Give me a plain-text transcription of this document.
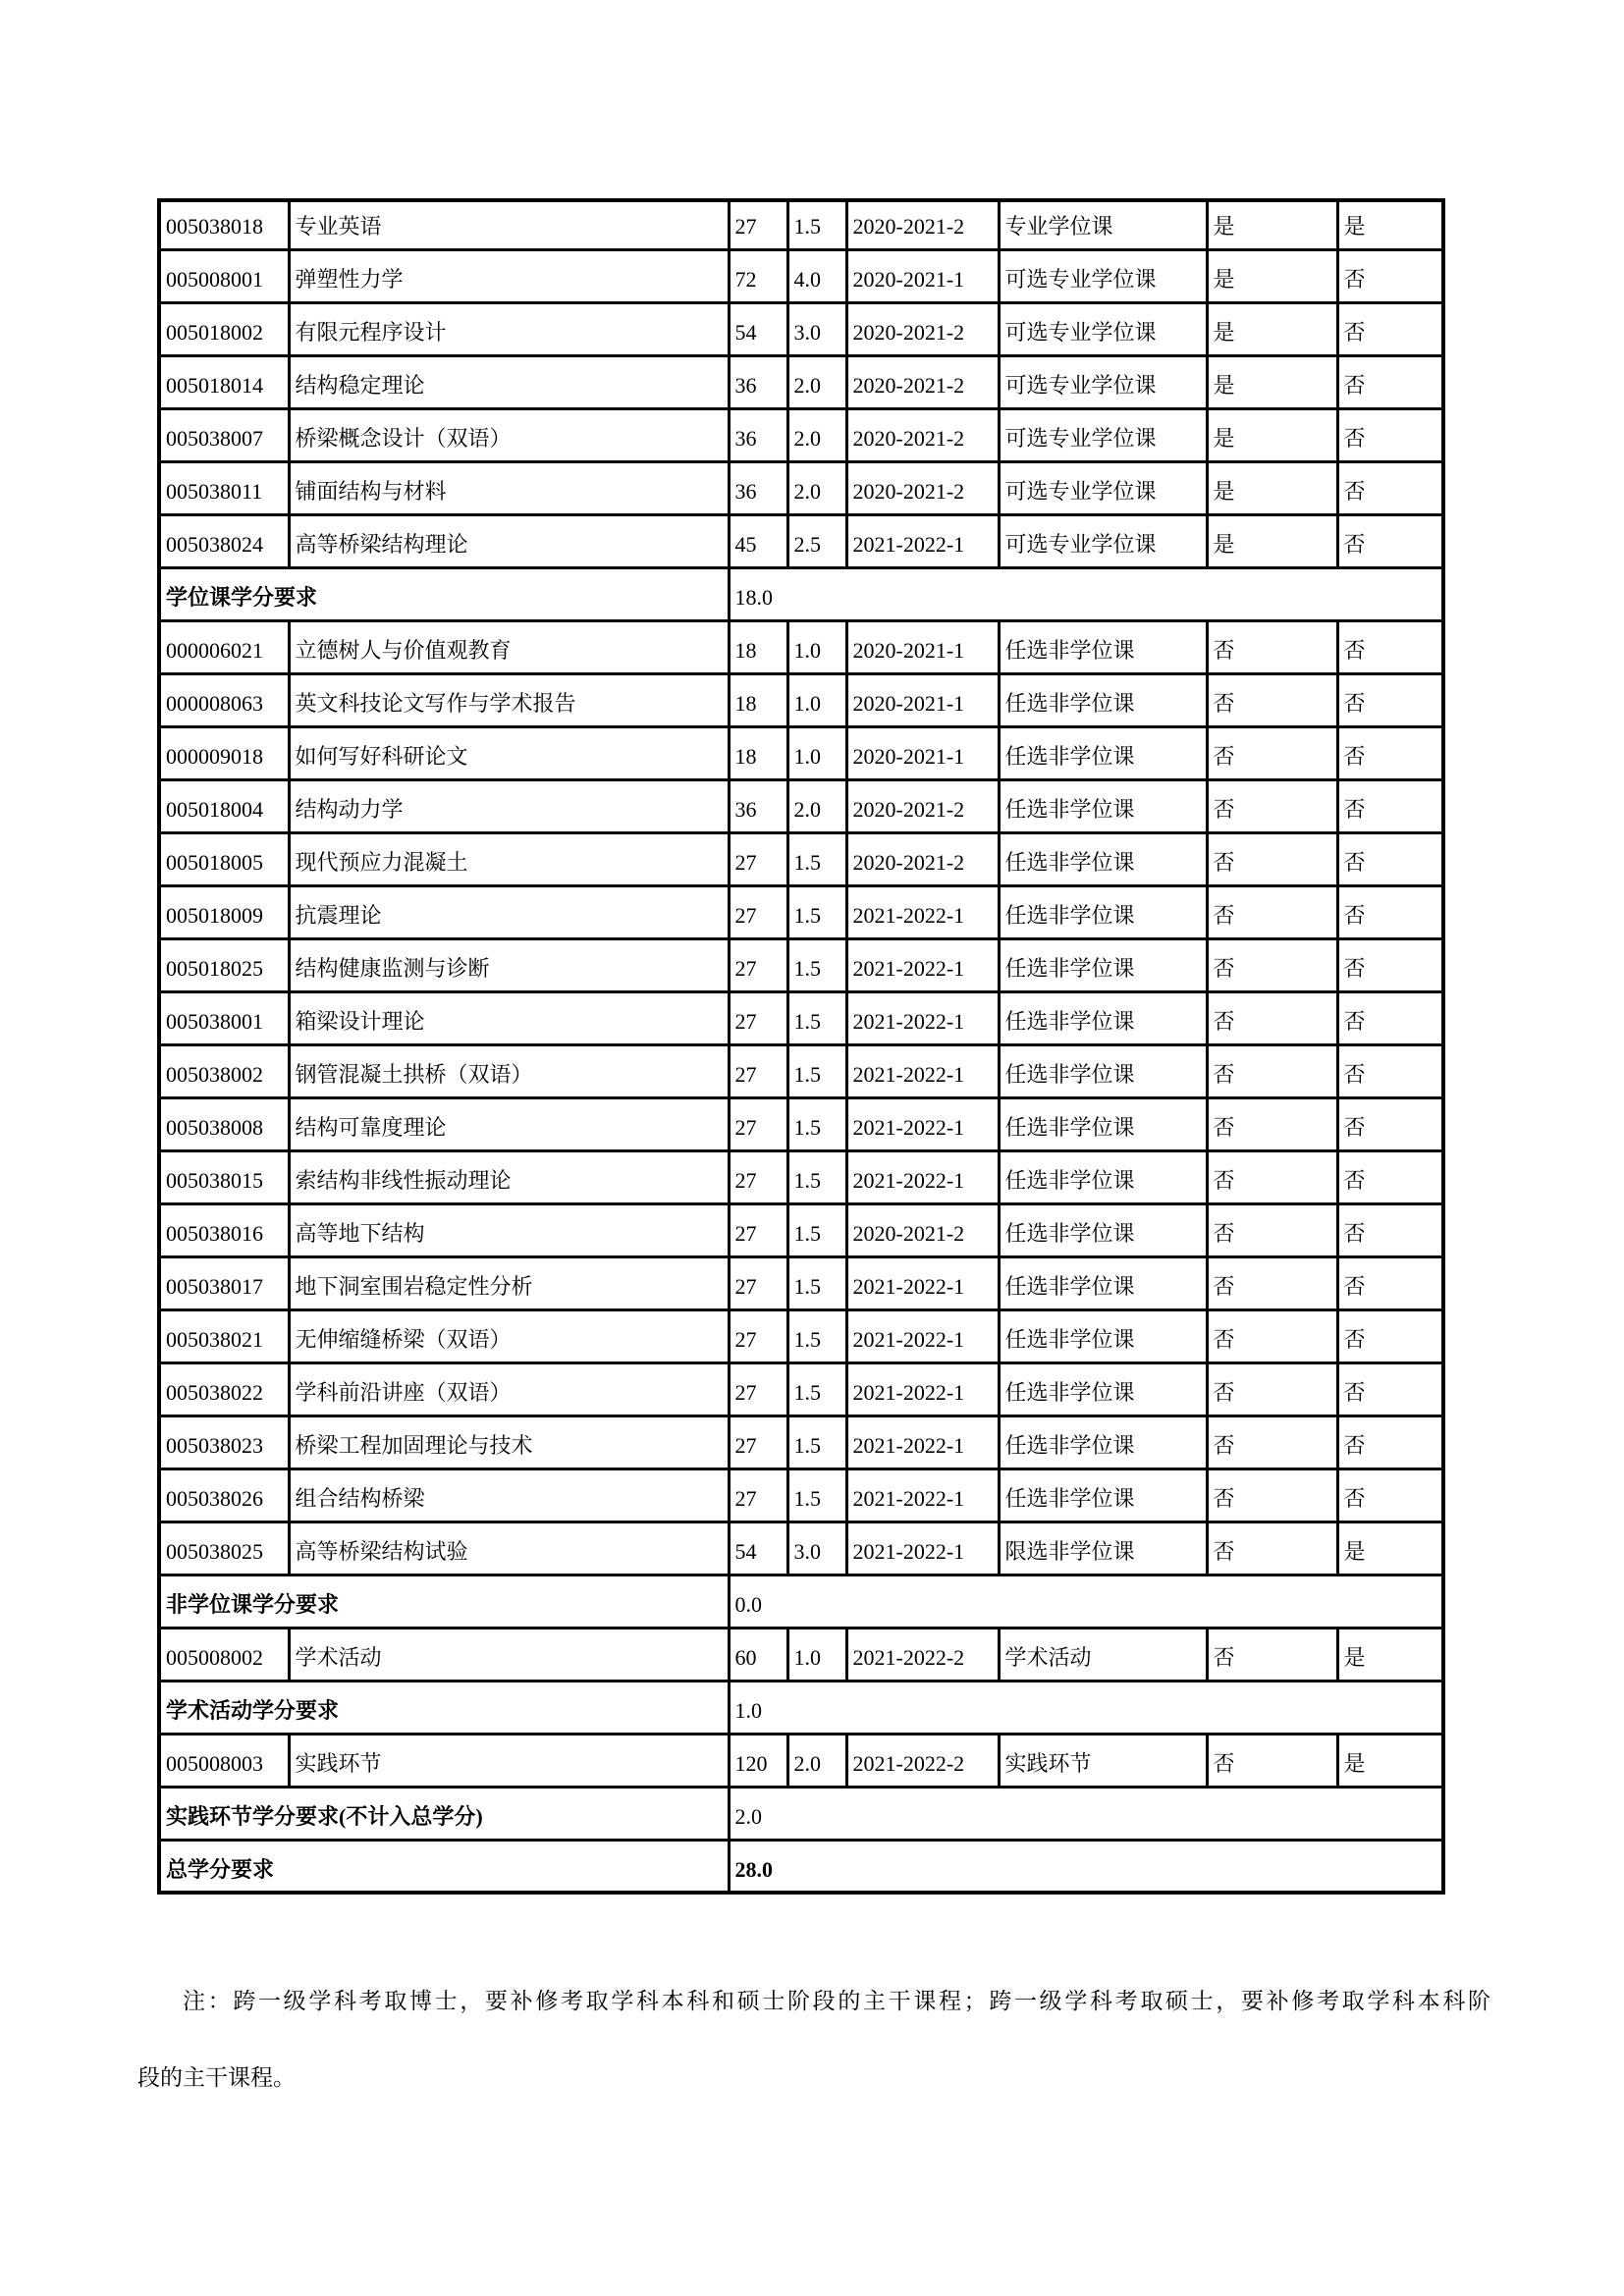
005038018	专业英语	27	1.5	2020-2021-2	专业学位课	是	是
005008001	弹塑性力学	72	4.0	2020-2021-1	可选专业学位课	是	否
005018002	有限元程序设计	54	3.0	2020-2021-2	可选专业学位课	是	否
005018014	结构稳定理论	36	2.0	2020-2021-2	可选专业学位课	是	否
005038007	桥梁概念设计（双语）	36	2.0	2020-2021-2	可选专业学位课	是	否
005038011	铺面结构与材料	36	2.0	2020-2021-2	可选专业学位课	是	否
005038024	高等桥梁结构理论	45	2.5	2021-2022-1	可选专业学位课	是	否
学位课学分要求		18.0					
000006021	立德树人与价值观教育	18	1.0	2020-2021-1	任选非学位课	否	否
000008063	英文科技论文写作与学术报告	18	1.0	2020-2021-1	任选非学位课	否	否
000009018	如何写好科研论文	18	1.0	2020-2021-1	任选非学位课	否	否
005018004	结构动力学	36	2.0	2020-2021-2	任选非学位课	否	否
005018005	现代预应力混凝土	27	1.5	2020-2021-2	任选非学位课	否	否
005018009	抗震理论	27	1.5	2021-2022-1	任选非学位课	否	否
005018025	结构健康监测与诊断	27	1.5	2021-2022-1	任选非学位课	否	否
005038001	箱梁设计理论	27	1.5	2021-2022-1	任选非学位课	否	否
005038002	钢管混凝土拱桥（双语）	27	1.5	2021-2022-1	任选非学位课	否	否
005038008	结构可靠度理论	27	1.5	2021-2022-1	任选非学位课	否	否
005038015	索结构非线性振动理论	27	1.5	2021-2022-1	任选非学位课	否	否
005038016	高等地下结构	27	1.5	2020-2021-2	任选非学位课	否	否
005038017	地下洞室围岩稳定性分析	27	1.5	2021-2022-1	任选非学位课	否	否
005038021	无伸缩缝桥梁（双语）	27	1.5	2021-2022-1	任选非学位课	否	否
005038022	学科前沿讲座（双语）	27	1.5	2021-2022-1	任选非学位课	否	否
005038023	桥梁工程加固理论与技术	27	1.5	2021-2022-1	任选非学位课	否	否
005038026	组合结构桥梁	27	1.5	2021-2022-1	任选非学位课	否	否
005038025	高等桥梁结构试验	54	3.0	2021-2022-1	限选非学位课	否	是
非学位课学分要求		0.0					
005008002	学术活动	60	1.0	2021-2022-2	学术活动	否	是
学术活动学分要求		1.0					
005008003	实践环节	120	2.0	2021-2022-2	实践环节	否	是
实践环节学分要求(不计入总学分)		2.0					
总学分要求		28.0					

注：跨一级学科考取博士，要补修考取学科本科和硕士阶段的主干课程；跨一级学科考取硕士，要补修考取学科本科阶
段的主干课程。
